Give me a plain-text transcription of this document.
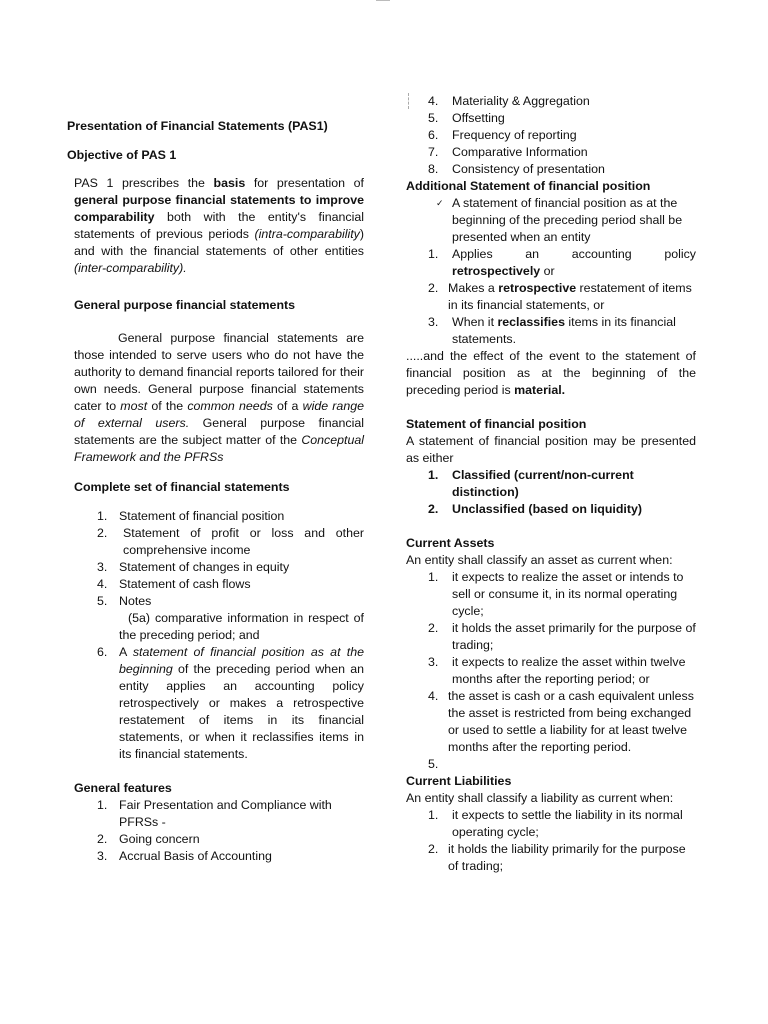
Presentation of Financial Statements (PAS1)

Objective of PAS 1

PAS 1 prescribes the basis for presentation of general purpose financial statements to improve comparability both with the entity's financial statements of previous periods (intra-comparability) and with the financial statements of other entities (inter-comparability).

General purpose financial statements

General purpose financial statements are those intended to serve users who do not have the authority to demand financial reports tailored for their own needs. General purpose financial statements cater to most of the common needs of a wide range of external users. General purpose financial statements are the subject matter of the Conceptual Framework and the PFRSs

Complete set of financial statements

1. Statement of financial position
2.	Statement of profit or loss and other comprehensive income
3. Statement of changes in equity
4. Statement of cash flows
5. Notes

(5a) comparative information in respect of the preceding period; and

6. A statement of financial position as at the beginning of the preceding period when an entity applies an accounting policy retrospectively or makes a retrospective restatement of items in its financial statements, or when it reclassifies items in its financial statements.

General features

1. Fair Presentation and Compliance with PFRSs -
2. Going concern
3. Accrual Basis of Accounting
4.	Materiality & Aggregation
5.	Offsetting
6.	Frequency of reporting
7.	Comparative Information
8.	Consistency of presentation

Additional Statement of financial position

✓ A statement of financial position as at the beginning of the preceding period shall be presented when an entity
1.	Applies an accounting policy retrospectively or
2. Makes a retrospective restatement of items in its financial statements, or
3.	When it reclassifies items in its financial statements.

.....and the effect of the event to the statement of financial position as at the beginning of the preceding period is material.

Statement of financial position

A statement of financial position may be presented as either

1.	Classified (current/non-current distinction)
2.	Unclassified (based on liquidity)

Current Assets

An entity shall classify an asset as current when:

1.	it expects to realize the asset or intends to sell or consume it, in its normal operating cycle;
2.	it holds the asset primarily for the purpose of trading;
3.	it expects to realize the asset within twelve months after the reporting period; or
4. the asset is cash or a cash equivalent unless the asset is restricted from being exchanged or used to settle a liability for at least twelve months after the reporting period.
5.

Current Liabilities

An entity shall classify a liability as current when:

1.	it expects to settle the liability in its normal operating cycle;
2. it holds the liability primarily for the purpose of trading;
